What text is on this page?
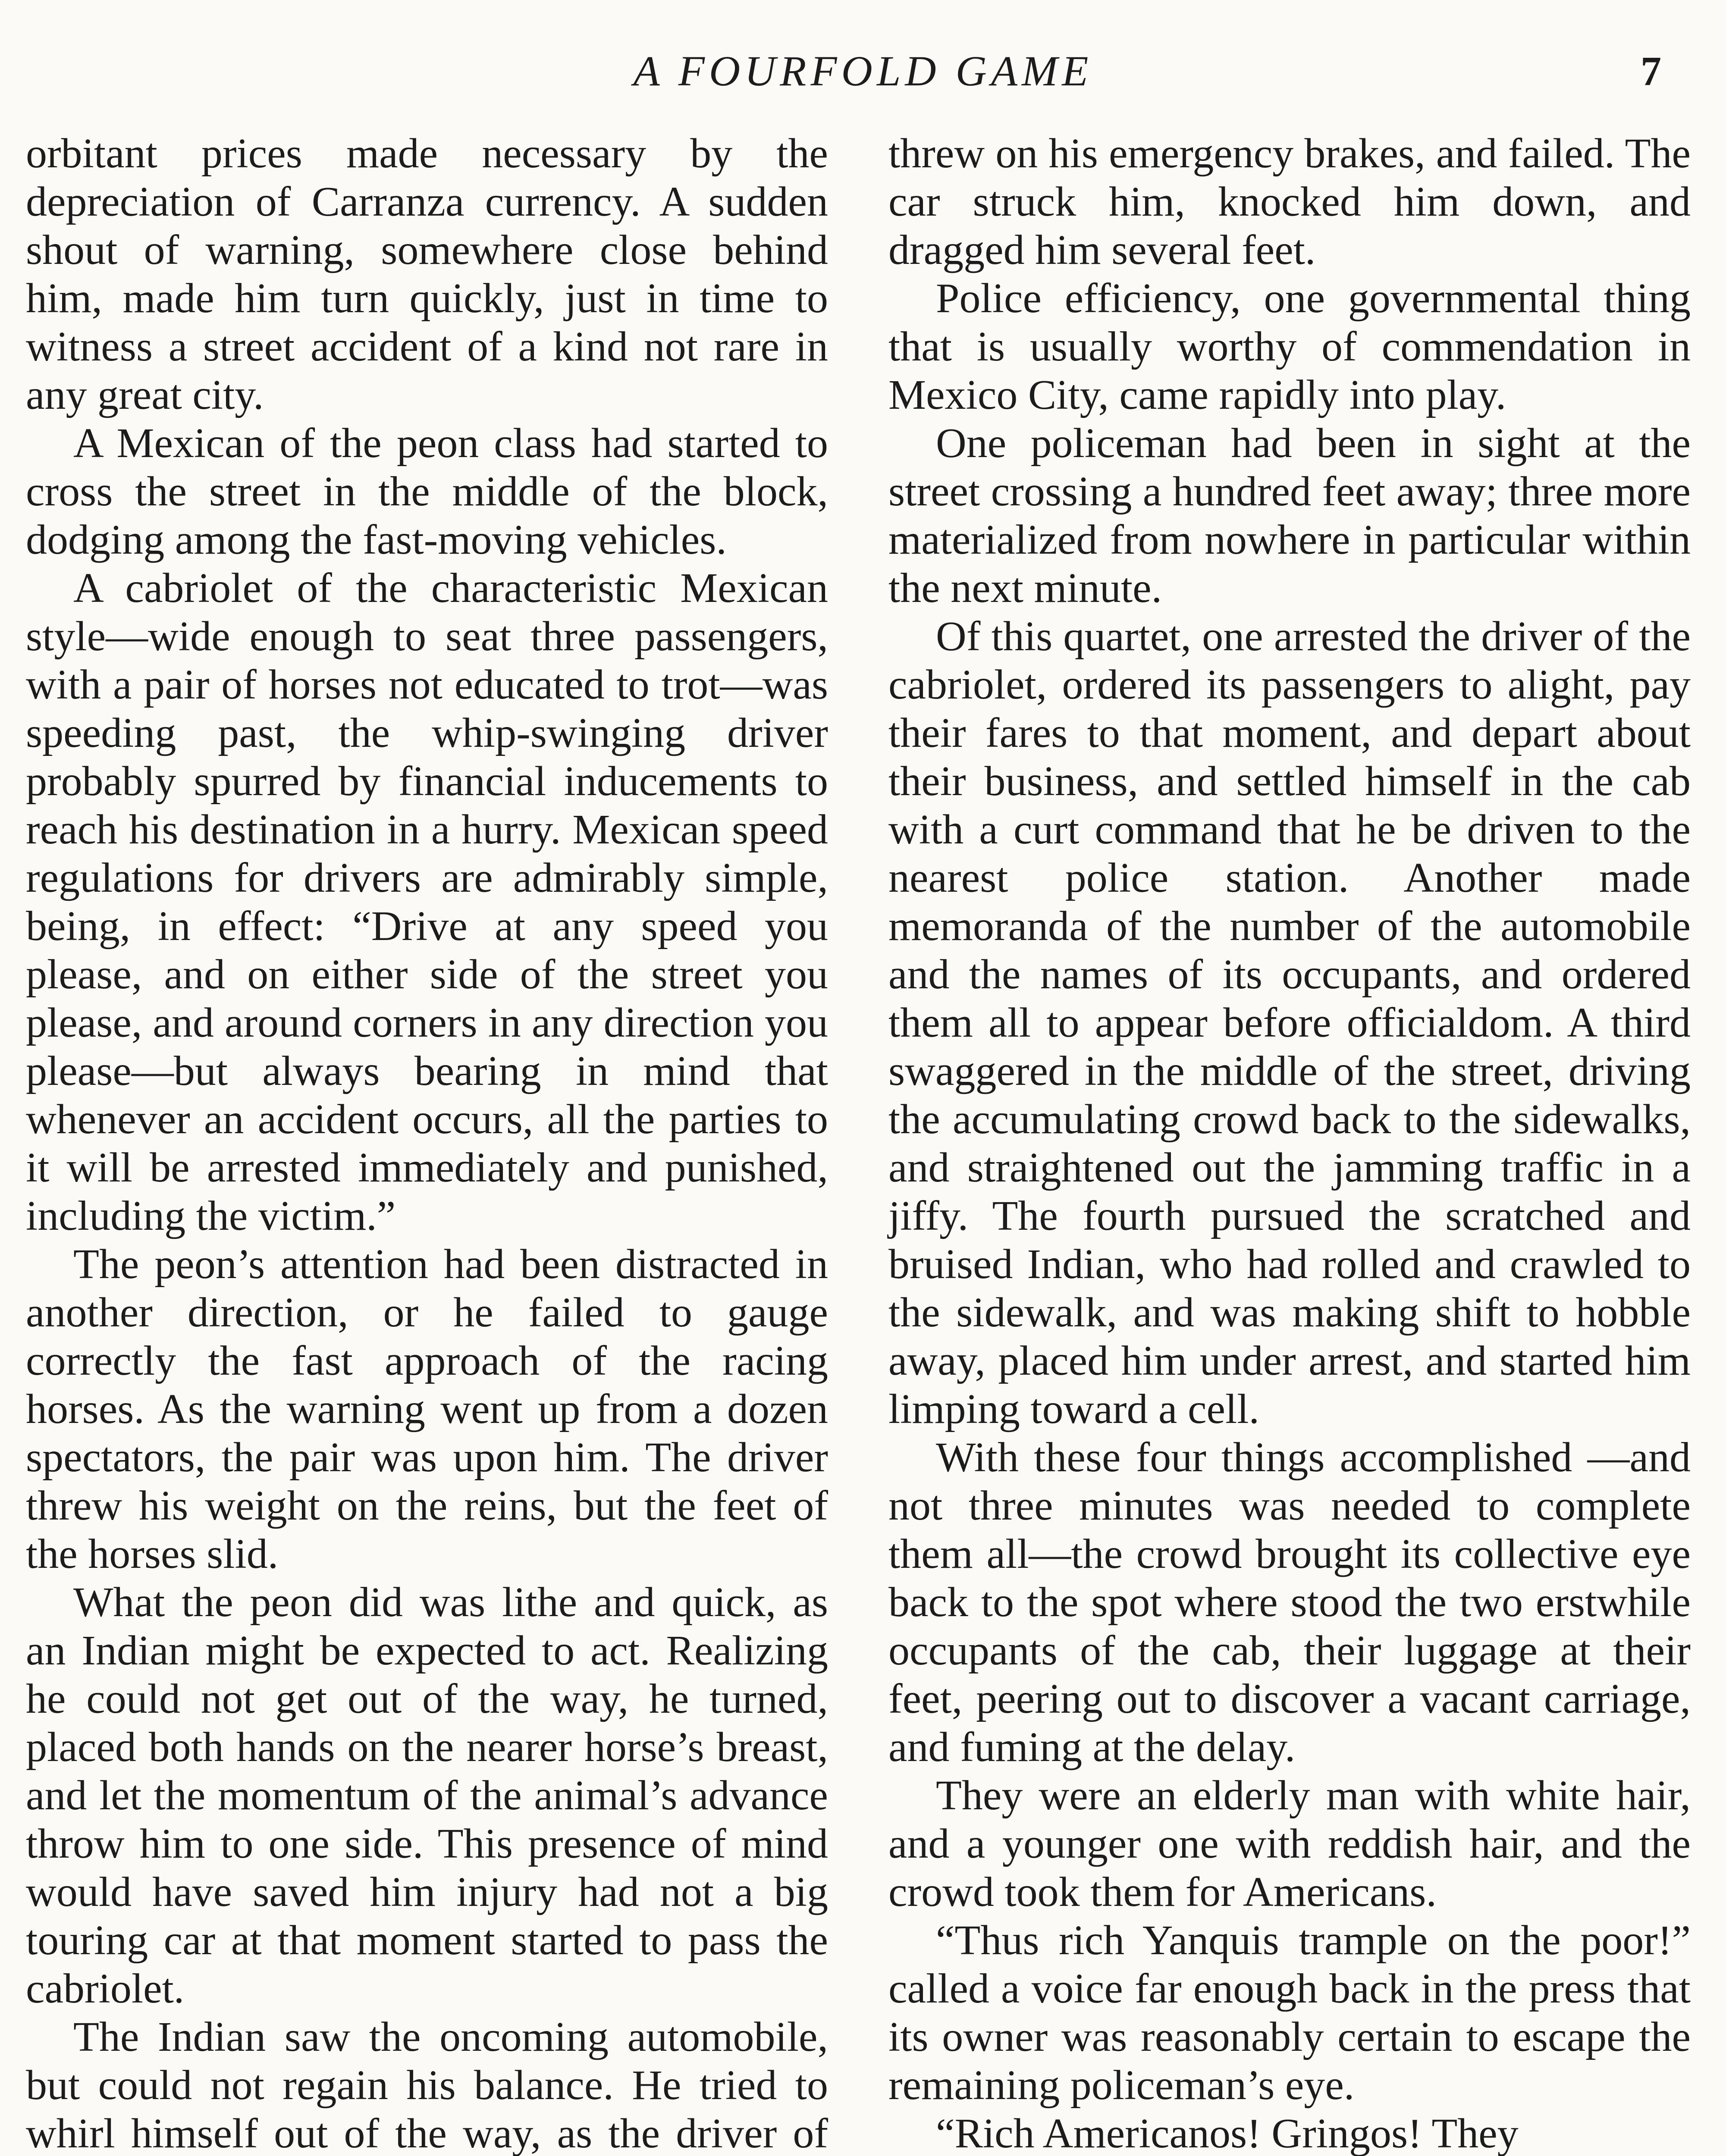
A FOURFOLD GAME	7

orbitant prices made necessary by the depreciation of Carranza currency. A sudden shout of warning, somewhere close behind him, made him turn quickly, just in time to witness a street accident of a kind not rare in any great city.

A Mexican of the peon class had started to cross the street in the middle of the block, dodging among the fast-moving vehicles.

A cabriolet of the characteristic Mexican style—wide enough to seat three passengers, with a pair of horses not educated to trot—was speeding past, the whip-swinging driver probably spurred by financial inducements to reach his destination in a hurry. Mexican speed regulations for drivers are admirably simple, being, in effect: “Drive at any speed you please, and on either side of the street you please, and around corners in any direction you please—but always bearing in mind that whenever an accident occurs, all the parties to it will be arrested immediately and punished, including the victim.”

The peon’s attention had been distracted in another direction, or he failed to gauge correctly the fast approach of the racing horses. As the warning went up from a dozen spectators, the pair was upon him. The driver threw his weight on the reins, but the feet of the horses slid.

What the peon did was lithe and quick, as an Indian might be expected to act. Realizing he could not get out of the way, he turned, placed both hands on the nearer horse’s breast, and let the momentum of the animal’s advance throw him to one side. This presence of mind would have saved him injury had not a big touring car at that moment started to pass the cabriolet.

The Indian saw the oncoming automobile, but could not regain his balance. He tried to whirl himself out of the way, as the driver of

threw on his emergency brakes, and failed. The car struck him, knocked him down, and dragged him several feet.

Police efficiency, one governmental thing that is usually worthy of commendation in Mexico City, came rapidly into play.

One policeman had been in sight at the street crossing a hundred feet away; three more materialized from nowhere in particular within the next minute.

Of this quartet, one arrested the driver of the cabriolet, ordered its passengers to alight, pay their fares to that moment, and depart about their business, and settled himself in the cab with a curt command that he be driven to the nearest police station. Another made memoranda of the number of the automobile and the names of its occupants, and ordered them all to appear before officialdom. A third swaggered in the middle of the street, driving the accumulating crowd back to the sidewalks, and straightened out the jamming traffic in a jiffy. The fourth pursued the scratched and bruised Indian, who had rolled and crawled to the sidewalk, and was making shift to hobble away, placed him under arrest, and started him limping toward a cell.

With these four things accomplished —and not three minutes was needed to complete them all—the crowd brought its collective eye back to the spot where stood the two erstwhile occupants of the cab, their luggage at their feet, peering out to discover a vacant carriage, and fuming at the delay.

They were an elderly man with white hair, and a younger one with reddish hair, and the crowd took them for Americans.

“Thus rich Yanquis trample on the poor!” called a voice far enough back in the press that its owner was reasonably certain to escape the remaining policeman’s eye.

“Rich Americanos! Gringos! They
